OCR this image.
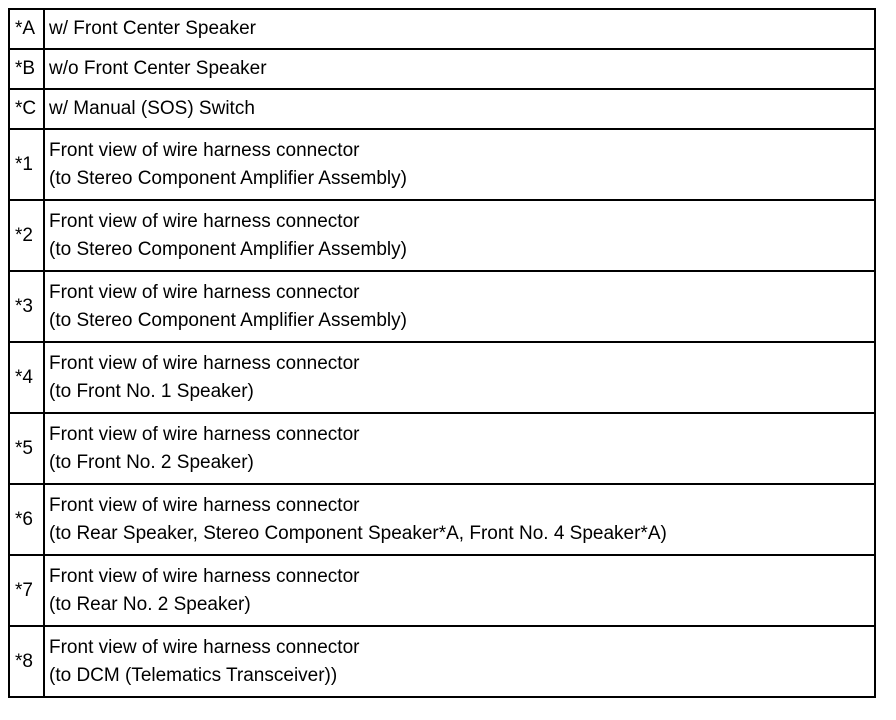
*A	w/ Front Center Speaker

*B	w/o Front Center Speaker

*C	w/ Manual (SOS) Switch

*1	Front view of wire harness connector
(to Stereo Component Amplifier Assembly)

*2	Front view of wire harness connector
(to Stereo Component Amplifier Assembly)

*3	Front view of wire harness connector
(to Stereo Component Amplifier Assembly)

*4	Front view of wire harness connector
(to Front No. 1 Speaker)

*5	Front view of wire harness connector
(to Front No. 2 Speaker)

*6	Front view of wire harness connector
(to Rear Speaker, Stereo Component Speaker*A, Front No. 4 Speaker*A)

*7	Front view of wire harness connector
(to Rear No. 2 Speaker)

*8	Front view of wire harness connector
(to DCM (Telematics Transceiver))
